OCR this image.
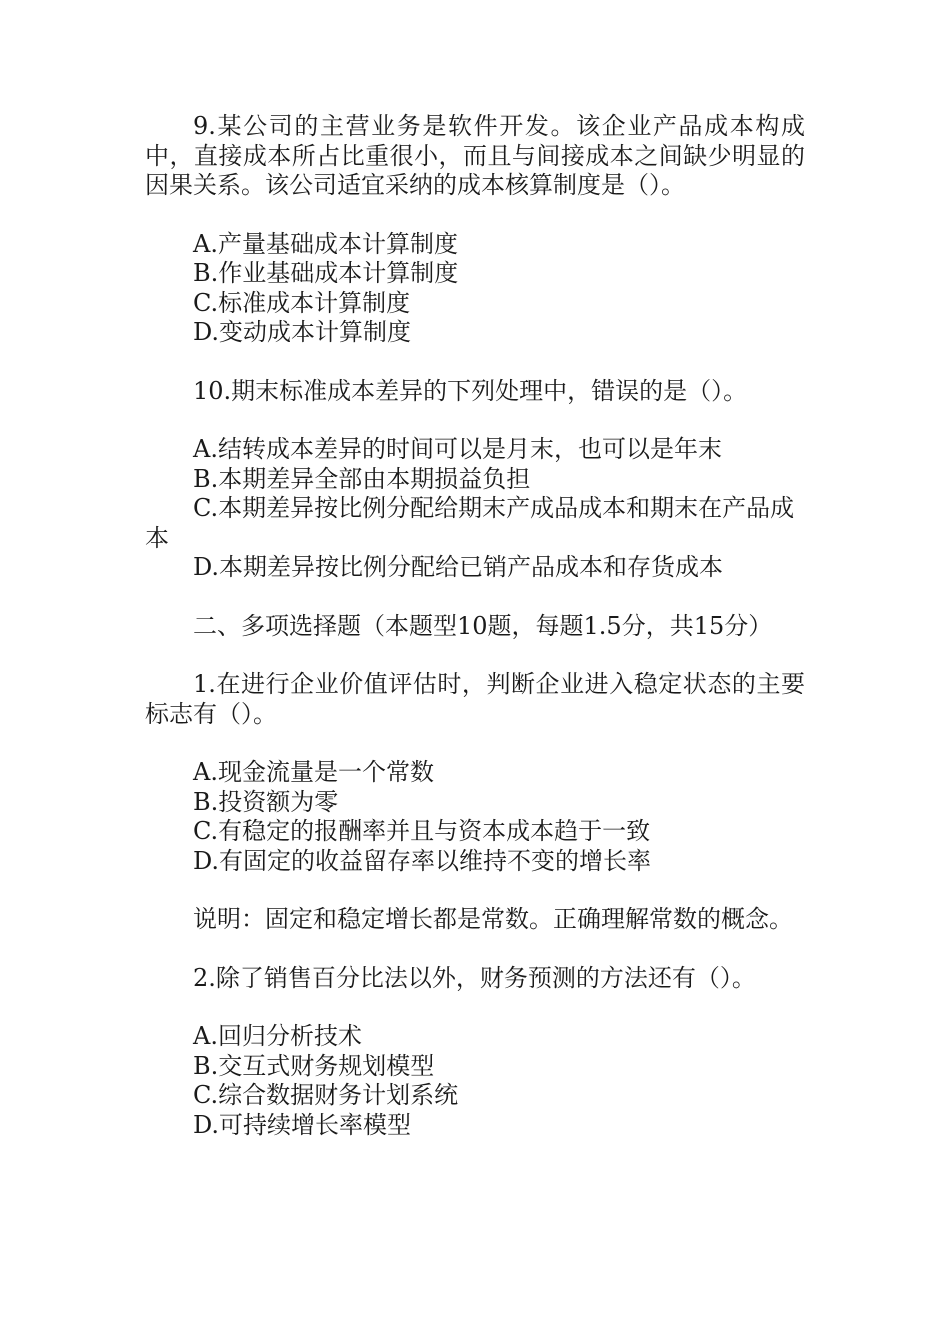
9.某公司的主营业务是软件开发。该企业产品成本构成中，直接成本所占比重很小，而且与间接成本之间缺少明显的因果关系。该公司适宜采纳的成本核算制度是（）。

A.产量基础成本计算制度

B.作业基础成本计算制度

C.标准成本计算制度

D.变动成本计算制度

10.期末标准成本差异的下列处理中，错误的是（）。

A.结转成本差异的时间可以是月末，也可以是年末

B.本期差异全部由本期损益负担

C.本期差异按比例分配给期末产成品成本和期末在产品成本

D.本期差异按比例分配给已销产品成本和存货成本

二、多项选择题（本题型10题，每题1.5分，共15分）

1.在进行企业价值评估时，判断企业进入稳定状态的主要标志有（）。

A.现金流量是一个常数

B.投资额为零

C.有稳定的报酬率并且与资本成本趋于一致

D.有固定的收益留存率以维持不变的增长率

说明：固定和稳定增长都是常数。正确理解常数的概念。

2.除了销售百分比法以外，财务预测的方法还有（）。

A.回归分析技术

B.交互式财务规划模型

C.综合数据财务计划系统

D.可持续增长率模型
